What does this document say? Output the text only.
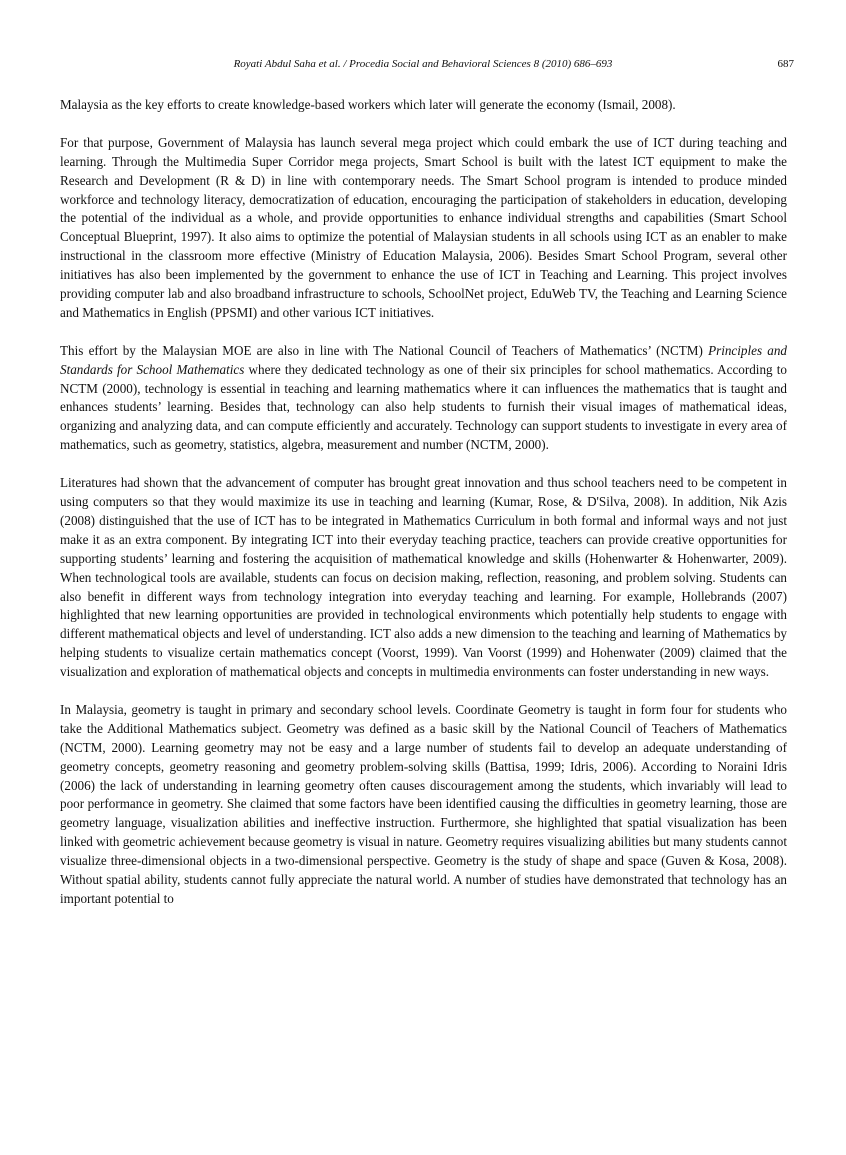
Royati Abdul Saha et al. / Procedia Social and Behavioral Sciences 8 (2010) 686–693	687

Malaysia as the key efforts to create knowledge-based workers which later will generate the economy (Ismail, 2008).

For that purpose, Government of Malaysia has launch several mega project which could embark the use of ICT during teaching and learning. Through the Multimedia Super Corridor mega projects, Smart School is built with the latest ICT equipment to make the Research and Development (R & D) in line with contemporary needs. The Smart School program is intended to produce minded workforce and technology literacy, democratization of education, encouraging the participation of stakeholders in education, developing the potential of the individual as a whole, and provide opportunities to enhance individual strengths and capabilities (Smart School Conceptual Blueprint, 1997). It also aims to optimize the potential of Malaysian students in all schools using ICT as an enabler to make instructional in the classroom more effective (Ministry of Education Malaysia, 2006). Besides Smart School Program, several other initiatives has also been implemented by the government to enhance the use of ICT in Teaching and Learning. This project involves providing computer lab and also broadband infrastructure to schools, SchoolNet project, EduWeb TV, the Teaching and Learning Science and Mathematics in English (PPSMI) and other various ICT initiatives.

This effort by the Malaysian MOE are also in line with The National Council of Teachers of Mathematics’ (NCTM) Principles and Standards for School Mathematics where they dedicated technology as one of their six principles for school mathematics. According to NCTM (2000), technology is essential in teaching and learning mathematics where it can influences the mathematics that is taught and enhances students’ learning. Besides that, technology can also help students to furnish their visual images of mathematical ideas, organizing and analyzing data, and can compute efficiently and accurately. Technology can support students to investigate in every area of mathematics, such as geometry, statistics, algebra, measurement and number (NCTM, 2000).

Literatures had shown that the advancement of computer has brought great innovation and thus school teachers need to be competent in using computers so that they would maximize its use in teaching and learning (Kumar, Rose, & D'Silva, 2008). In addition, Nik Azis (2008) distinguished that the use of ICT has to be integrated in Mathematics Curriculum in both formal and informal ways and not just make it as an extra component. By integrating ICT into their everyday teaching practice, teachers can provide creative opportunities for supporting students’ learning and fostering the acquisition of mathematical knowledge and skills (Hohenwarter & Hohenwarter, 2009). When technological tools are available, students can focus on decision making, reflection, reasoning, and problem solving. Students can also benefit in different ways from technology integration into everyday teaching and learning. For example, Hollebrands (2007) highlighted that new learning opportunities are provided in technological environments which potentially help students to engage with different mathematical objects and level of understanding. ICT also adds a new dimension to the teaching and learning of Mathematics by helping students to visualize certain mathematics concept (Voorst, 1999). Van Voorst (1999) and Hohenwater (2009) claimed that the visualization and exploration of mathematical objects and concepts in multimedia environments can foster understanding in new ways.

In Malaysia, geometry is taught in primary and secondary school levels. Coordinate Geometry is taught in form four for students who take the Additional Mathematics subject. Geometry was defined as a basic skill by the National Council of Teachers of Mathematics (NCTM, 2000). Learning geometry may not be easy and a large number of students fail to develop an adequate understanding of geometry concepts, geometry reasoning and geometry problem-solving skills (Battisa, 1999; Idris, 2006). According to Noraini Idris (2006) the lack of understanding in learning geometry often causes discouragement among the students, which invariably will lead to poor performance in geometry. She claimed that some factors have been identified causing the difficulties in geometry learning, those are geometry language, visualization abilities and ineffective instruction. Furthermore, she highlighted that spatial visualization has been linked with geometric achievement because geometry is visual in nature. Geometry requires visualizing abilities but many students cannot visualize three-dimensional objects in a two-dimensional perspective. Geometry is the study of shape and space (Guven & Kosa, 2008). Without spatial ability, students cannot fully appreciate the natural world. A number of studies have demonstrated that technology has an important potential to
